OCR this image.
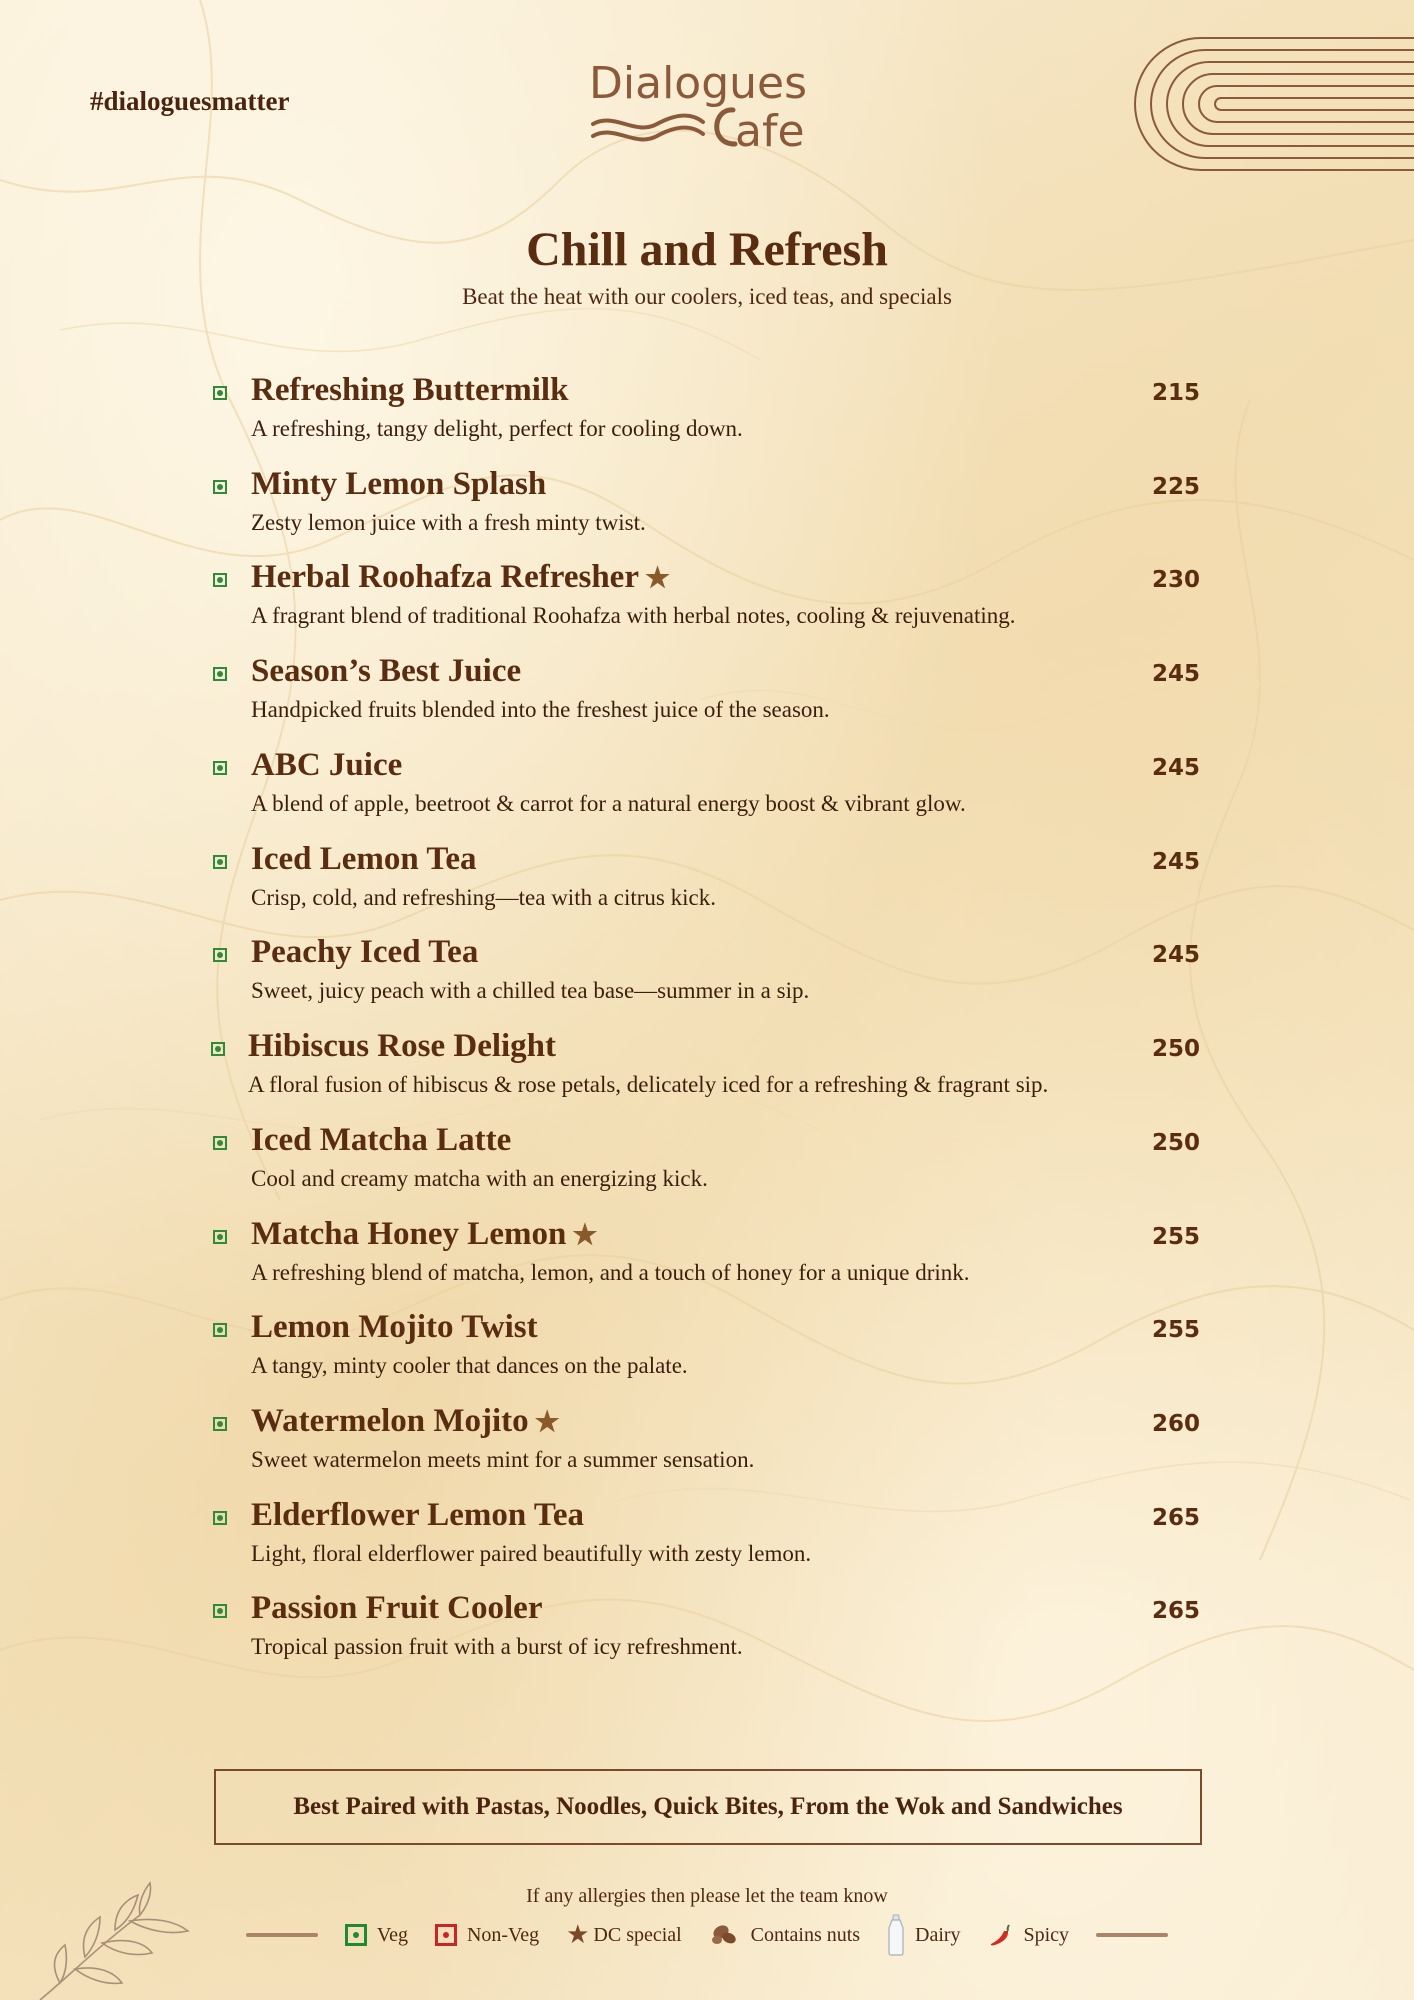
#dialoguesmatter	Dialogues
afe
Chill and Refresh
Beat the heat with our coolers, iced teas, and specials
Refreshing Buttermilk
A refreshing, tangy delight, perfect for cooling down.
215
Minty Lemon Splash
Zesty lemon juice with a fresh minty twist.
225
Herbal Roohafza Refresher ★
A fragrant blend of traditional Roohafza with herbal notes, cooling & rejuvenating.
230
Season’s Best Juice
Handpicked fruits blended into the freshest juice of the season.
245
ABC Juice
A blend of apple, beetroot & carrot for a natural energy boost & vibrant glow.
245
Iced Lemon Tea
Crisp, cold, and refreshing—tea with a citrus kick.
245
Peachy Iced Tea
Sweet, juicy peach with a chilled tea base—summer in a sip.
245
Hibiscus Rose Delight
A floral fusion of hibiscus & rose petals, delicately iced for a refreshing & fragrant sip.
250
Iced Matcha Latte
Cool and creamy matcha with an energizing kick.
250
Matcha Honey Lemon ★
A refreshing blend of matcha, lemon, and a touch of honey for a unique drink.
255
Lemon Mojito Twist
A tangy, minty cooler that dances on the palate.
255
Watermelon Mojito ★
Sweet watermelon meets mint for a summer sensation.
260
Elderflower Lemon Tea
Light, floral elderflower paired beautifully with zesty lemon.
265
Passion Fruit Cooler
Tropical passion fruit with a burst of icy refreshment.
265
Best Paired with Pastas, Noodles, Quick Bites, From the Wok and Sandwiches
If any allergies then please let the team know
Veg	Non-Veg ★ DC special	Contains nuts	Dairy	Spicy
